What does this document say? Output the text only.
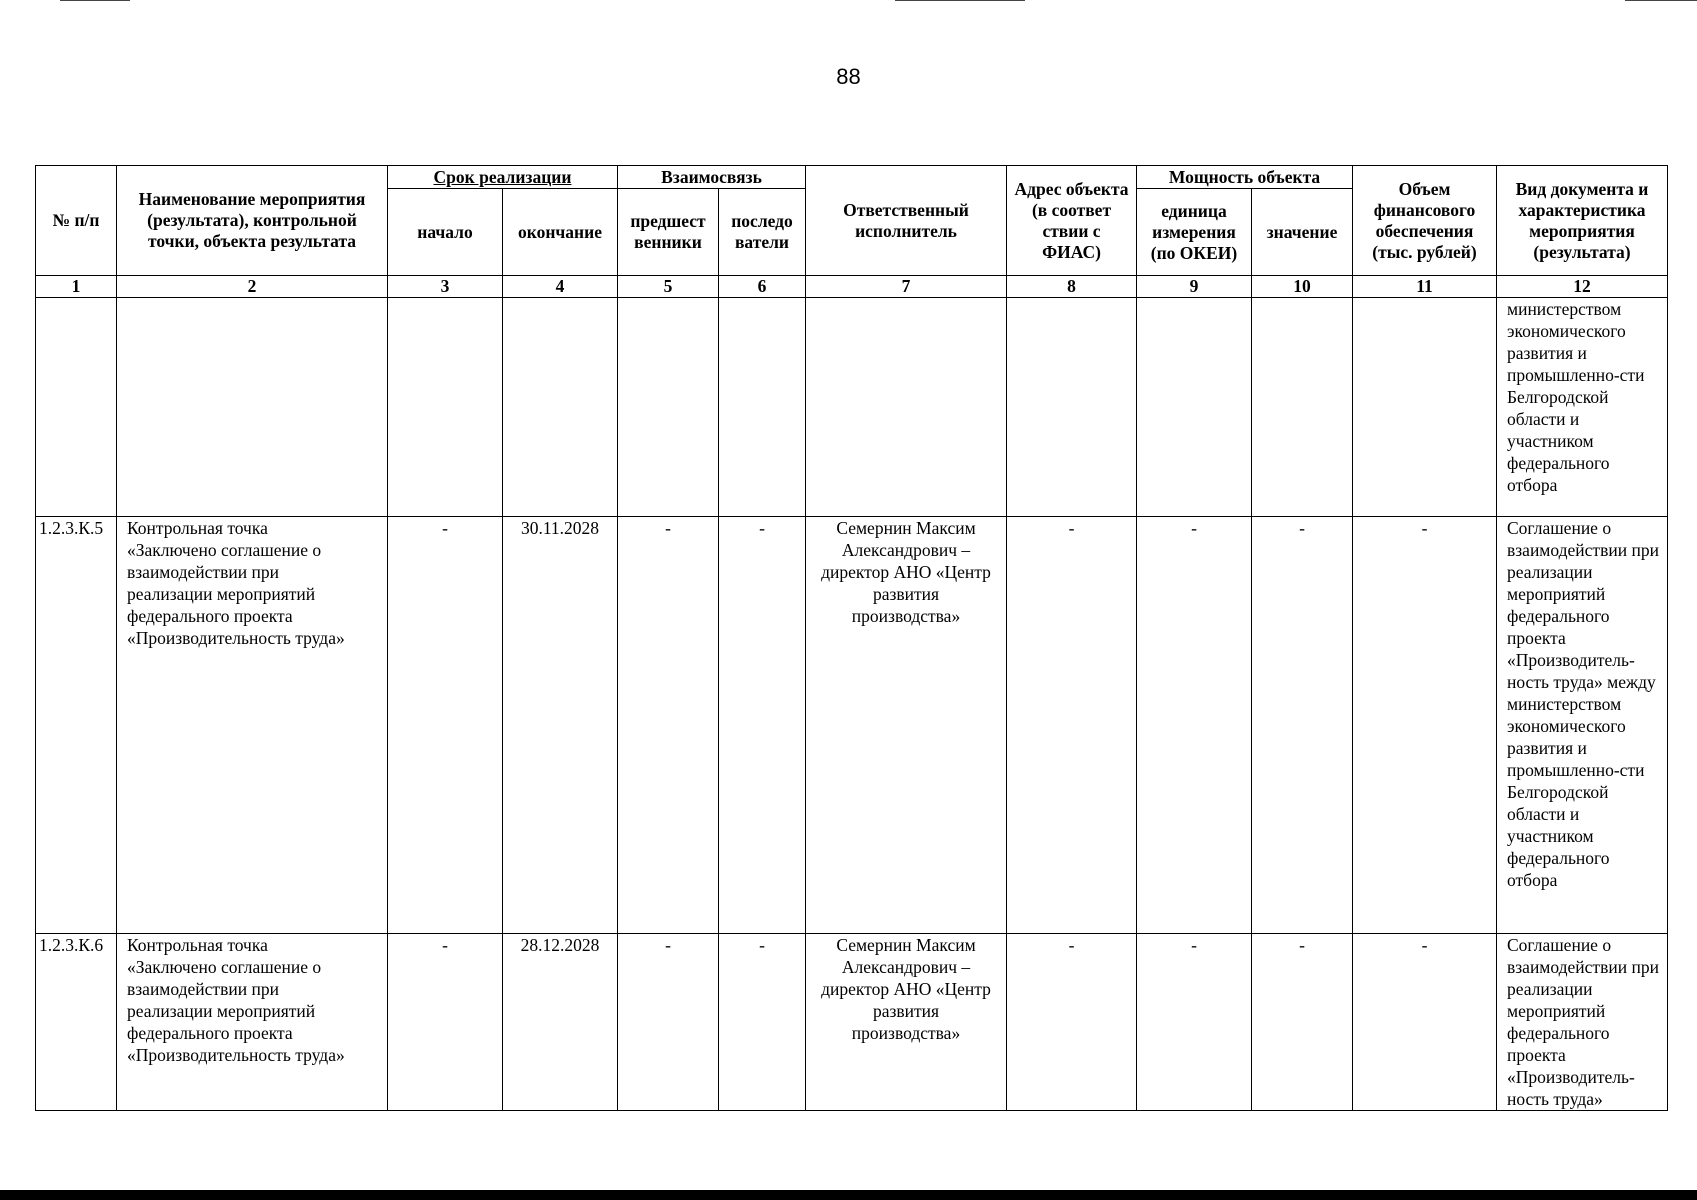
88
№ п/п	Наименование мероприятия (результата), контрольной точки, объекта результата	Срок реализации		Взаимосвязь		Ответственный исполнитель	Адрес объекта (в соответ ствии с ФИАС)	Мощность объекта		Объем финансового обеспечения (тыс. рублей)	Вид документа и характеристика мероприятия (результата)
		начало	окончание	предшест венники	последо ватели			единица измерения (по ОКЕИ)	значение		
1	2	3	4	5	6	7	8	9	10	11	12
											министерством экономического развития и промышленно-сти Белгородской области и участником федерального отбора
1.2.3.К.5	Контрольная точка «Заключено соглашение о взаимодействии при реализации мероприятий федерального проекта «Производительность труда»	-	30.11.2028	-	-	Семернин Максим Александрович – директор АНО «Центр развития производства»	-	-	-	-	Соглашение о взаимодействии при реализации мероприятий федерального проекта «Производитель-ность труда» между министерством экономического развития и промышленно-сти Белгородской области и участником федерального отбора
1.2.3.К.6	Контрольная точка «Заключено соглашение о взаимодействии при реализации мероприятий федерального проекта «Производительность труда»	-	28.12.2028	-	-	Семернин Максим Александрович – директор АНО «Центр развития производства»	-	-	-	-	Соглашение о взаимодействии при реализации мероприятий федерального проекта «Производитель-ность труда»
